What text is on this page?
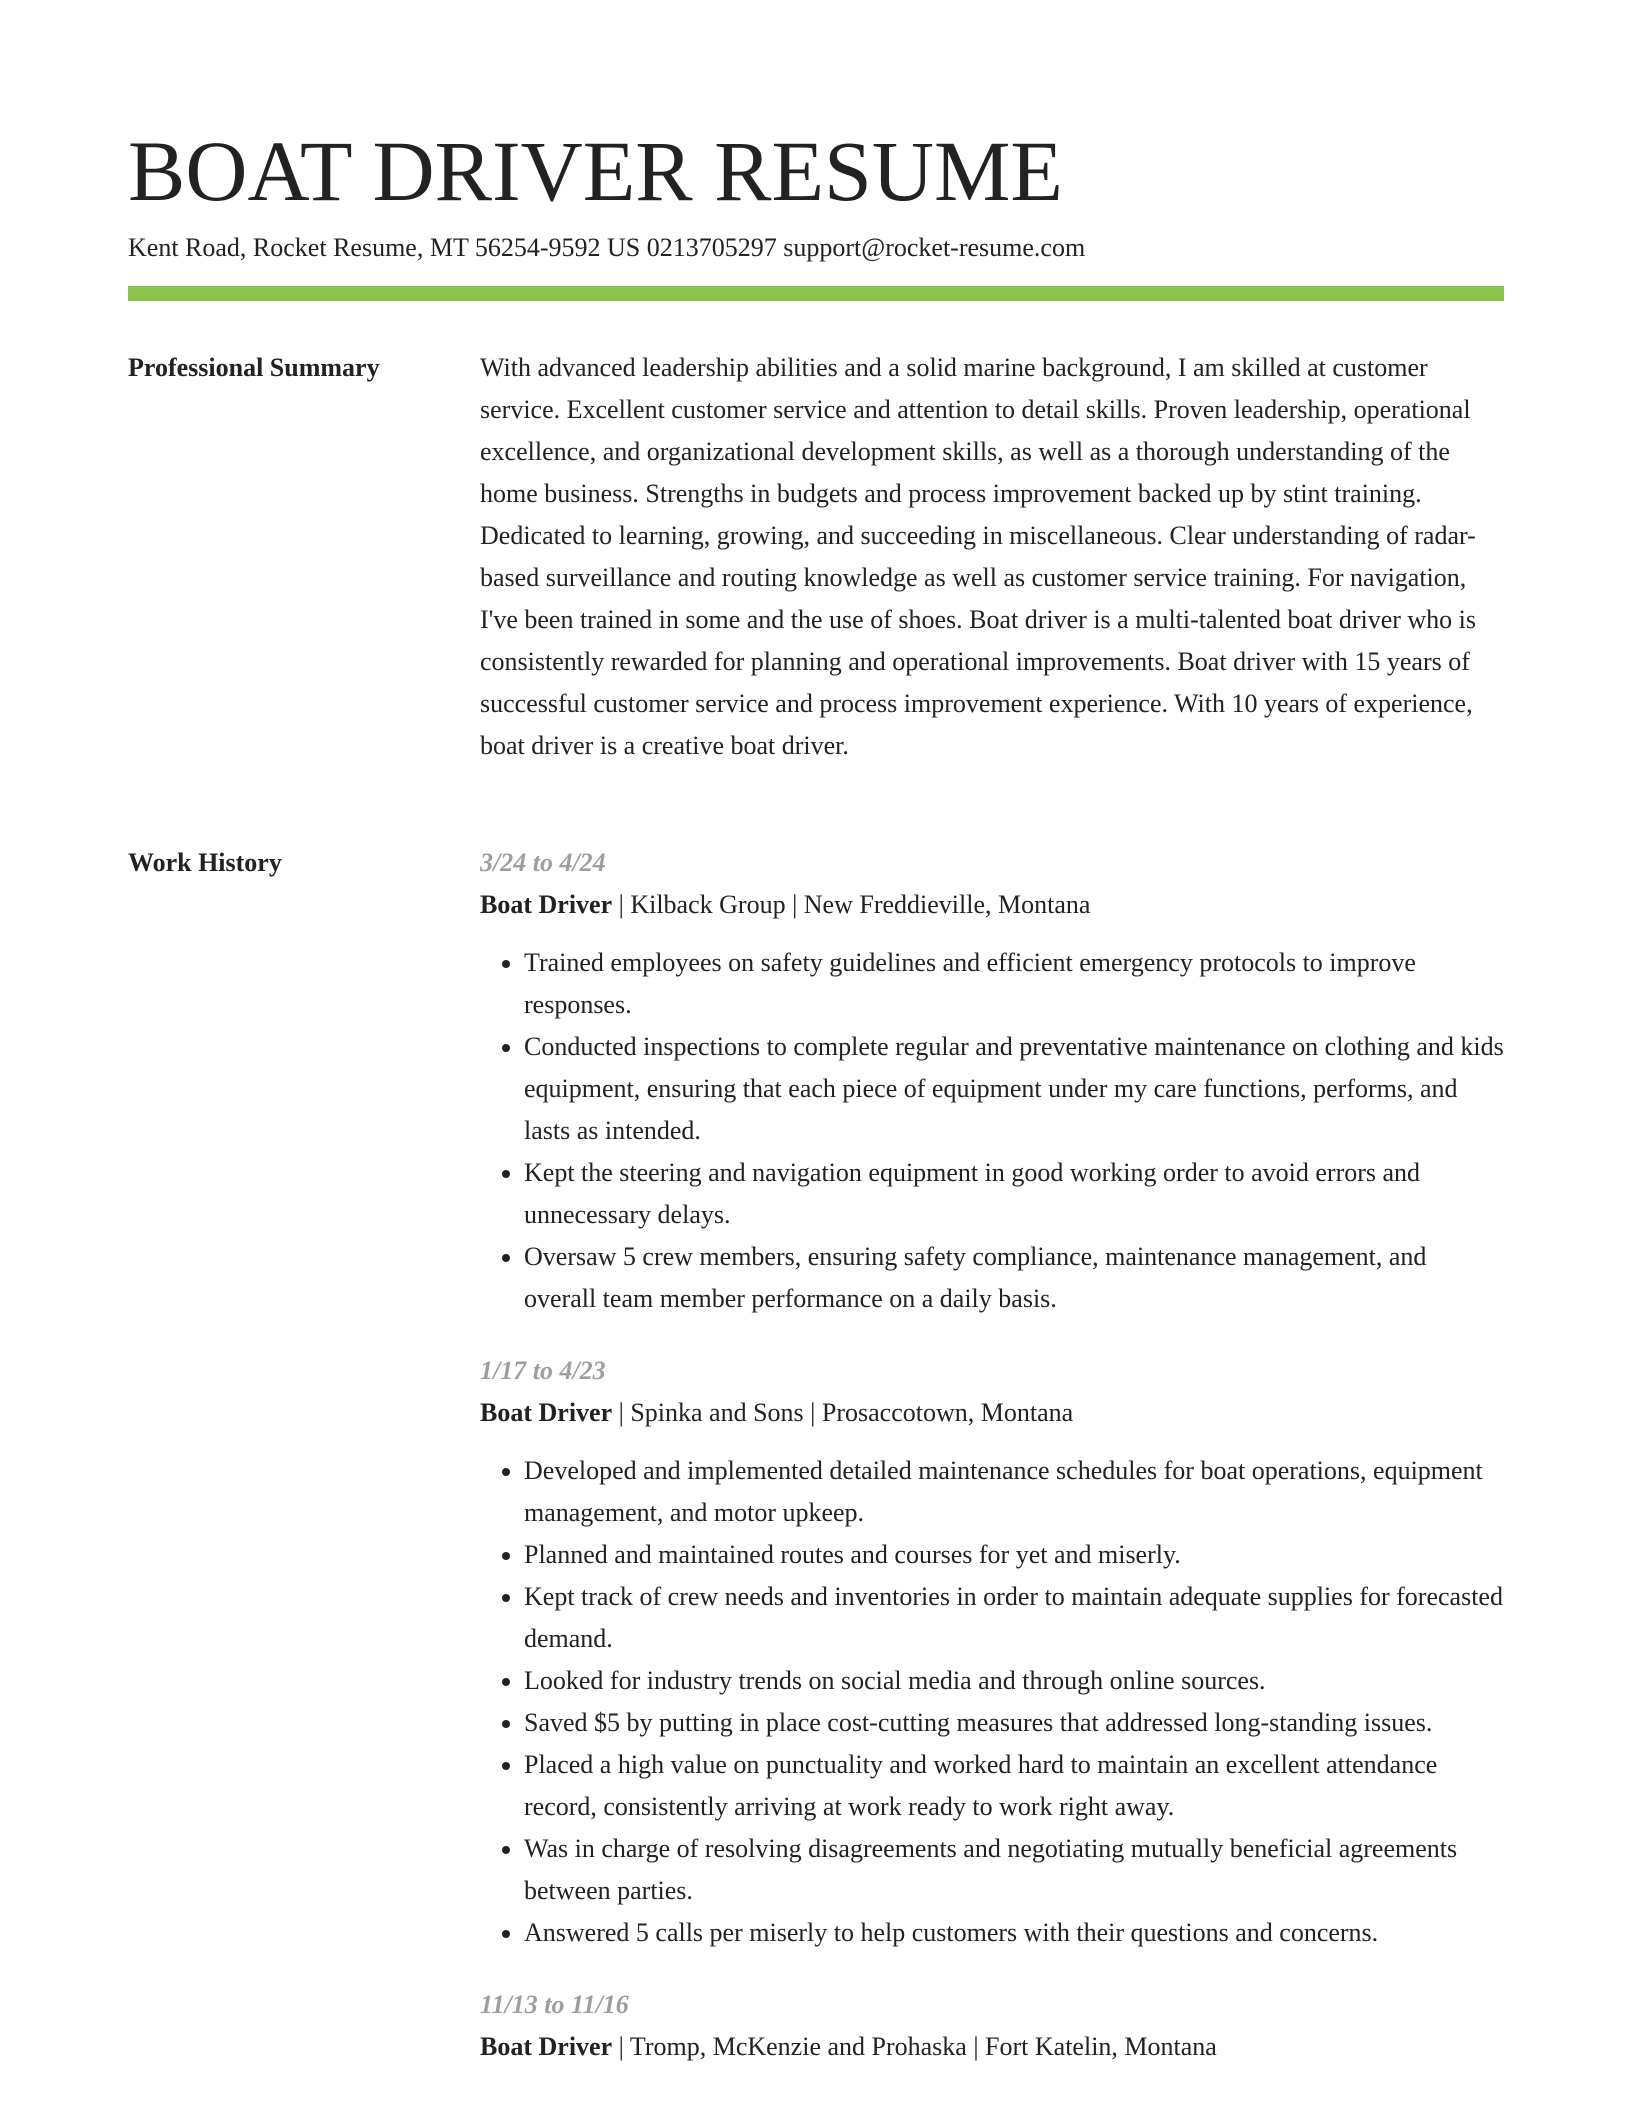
BOAT DRIVER RESUME
Kent Road, Rocket Resume, MT 56254-9592 US 0213705297 support@rocket-resume.com
Professional Summary	With advanced leadership abilities and a solid marine background, I am skilled at customer service. Excellent customer service and attention to detail skills. Proven leadership, operational excellence, and organizational development skills, as well as a thorough understanding of the home business. Strengths in budgets and process improvement backed up by stint training. Dedicated to learning, growing, and succeeding in miscellaneous. Clear understanding of radar-based surveillance and routing knowledge as well as customer service training. For navigation, I've been trained in some and the use of shoes. Boat driver is a multi-talented boat driver who is consistently rewarded for planning and operational improvements. Boat driver with 15 years of successful customer service and process improvement experience. With 10 years of experience, boat driver is a creative boat driver.

Work History	3/24 to 4/24
Boat Driver | Kilback Group | New Freddieville, Montana
• Trained employees on safety guidelines and efficient emergency protocols to improve responses.
• Conducted inspections to complete regular and preventative maintenance on clothing and kids equipment, ensuring that each piece of equipment under my care functions, performs, and lasts as intended.
• Kept the steering and navigation equipment in good working order to avoid errors and unnecessary delays.
• Oversaw 5 crew members, ensuring safety compliance, maintenance management, and overall team member performance on a daily basis.
1/17 to 4/23
Boat Driver | Spinka and Sons | Prosaccotown, Montana
• Developed and implemented detailed maintenance schedules for boat operations, equipment management, and motor upkeep.
• Planned and maintained routes and courses for yet and miserly.
• Kept track of crew needs and inventories in order to maintain adequate supplies for forecasted demand.
• Looked for industry trends on social media and through online sources.
• Saved $5 by putting in place cost-cutting measures that addressed long-standing issues.
• Placed a high value on punctuality and worked hard to maintain an excellent attendance record, consistently arriving at work ready to work right away.
• Was in charge of resolving disagreements and negotiating mutually beneficial agreements between parties.
• Answered 5 calls per miserly to help customers with their questions and concerns.
11/13 to 11/16
Boat Driver | Tromp, McKenzie and Prohaska | Fort Katelin, Montana
